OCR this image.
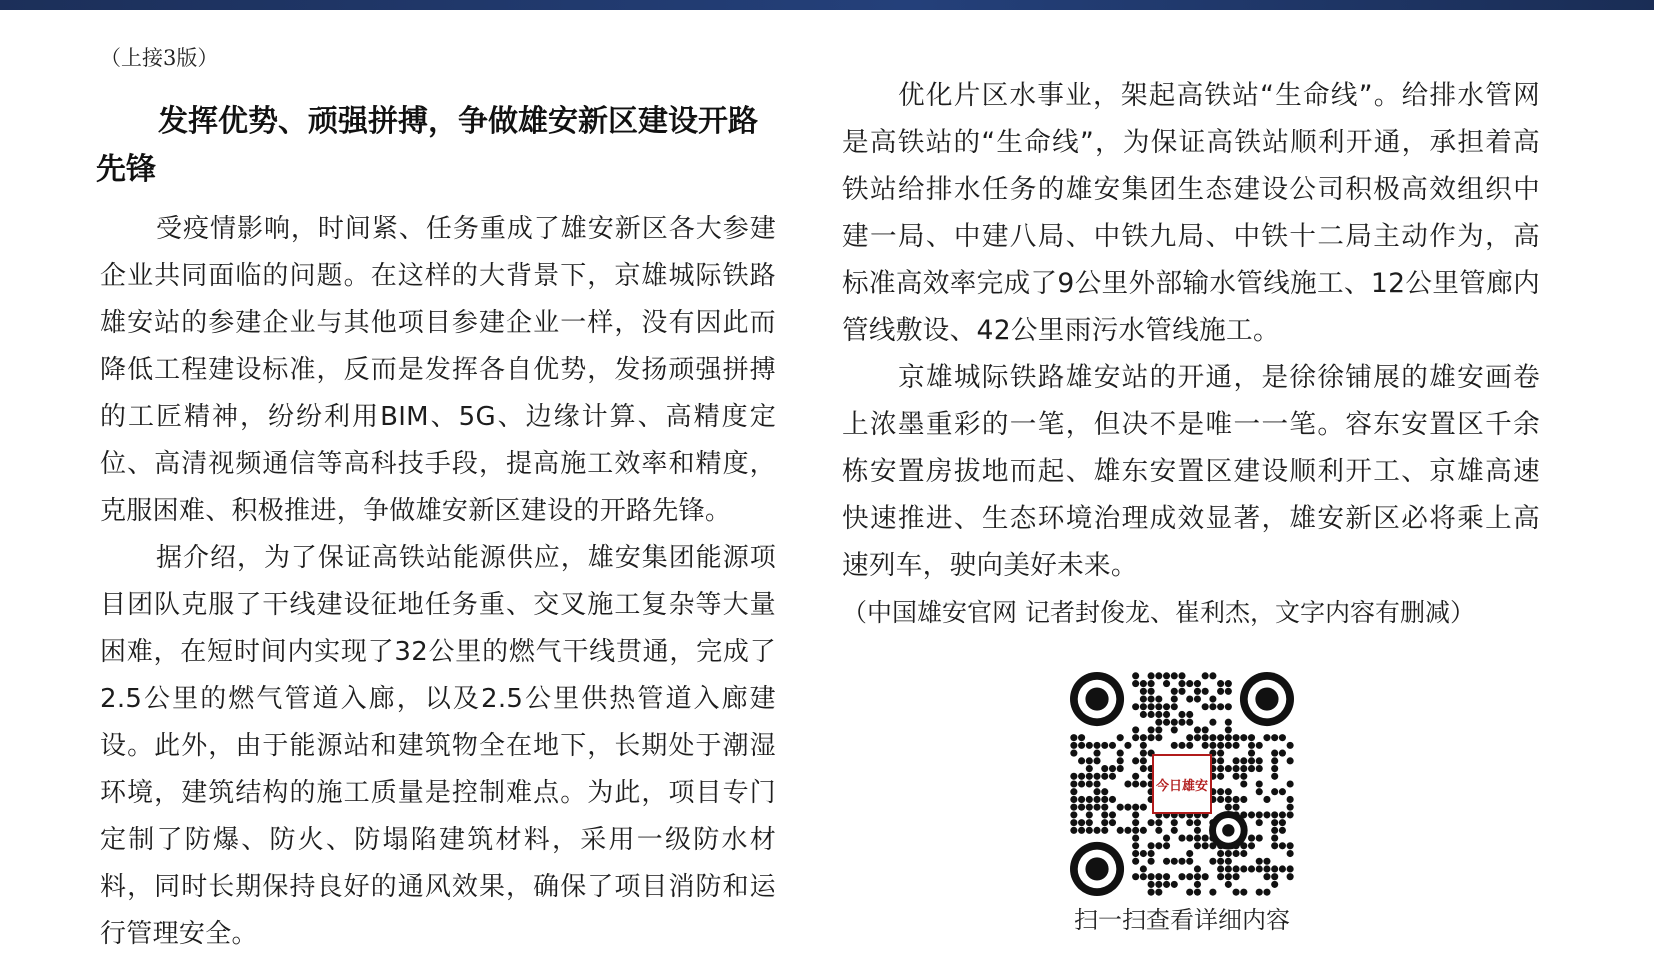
（上接3版）
发挥优势、顽强拼搏，争做雄安新区建设开路先锋

受疫情影响，时间紧、任务重成了雄安新区各大参建企业共同面临的问题。在这样的大背景下，京雄城际铁路雄安站的参建企业与其他项目参建企业一样，没有因此而降低工程建设标准，反而是发挥各自优势，发扬顽强拼搏的工匠精神，纷纷利用BIM、5G、边缘计算、高精度定位、高清视频通信等高科技手段，提高施工效率和精度，克服困难、积极推进，争做雄安新区建设的开路先锋。

据介绍，为了保证高铁站能源供应，雄安集团能源项目团队克服了干线建设征地任务重、交叉施工复杂等大量困难，在短时间内实现了32公里的燃气干线贯通，完成了2.5公里的燃气管道入廊，以及2.5公里供热管道入廊建设。此外，由于能源站和建筑物全在地下，长期处于潮湿环境，建筑结构的施工质量是控制难点。为此，项目专门定制了防爆、防火、防塌陷建筑材料，采用一级防水材料，同时长期保持良好的通风效果，确保了项目消防和运行管理安全。

优化片区水事业，架起高铁站“生命线”。给排水管网是高铁站的“生命线”，为保证高铁站顺利开通，承担着高铁站给排水任务的雄安集团生态建设公司积极高效组织中建一局、中建八局、中铁九局、中铁十二局主动作为，高标准高效率完成了9公里外部输水管线施工、12公里管廊内管线敷设、42公里雨污水管线施工。

京雄城际铁路雄安站的开通，是徐徐铺展的雄安画卷上浓墨重彩的一笔，但决不是唯一一笔。容东安置区千余栋安置房拔地而起、雄东安置区建设顺利开工、京雄高速快速推进、生态环境治理成效显著，雄安新区必将乘上高速列车，驶向美好未来。

（中国雄安官网 记者封俊龙、崔利杰，文字内容有删减）

今日雄安

扫一扫查看详细内容
